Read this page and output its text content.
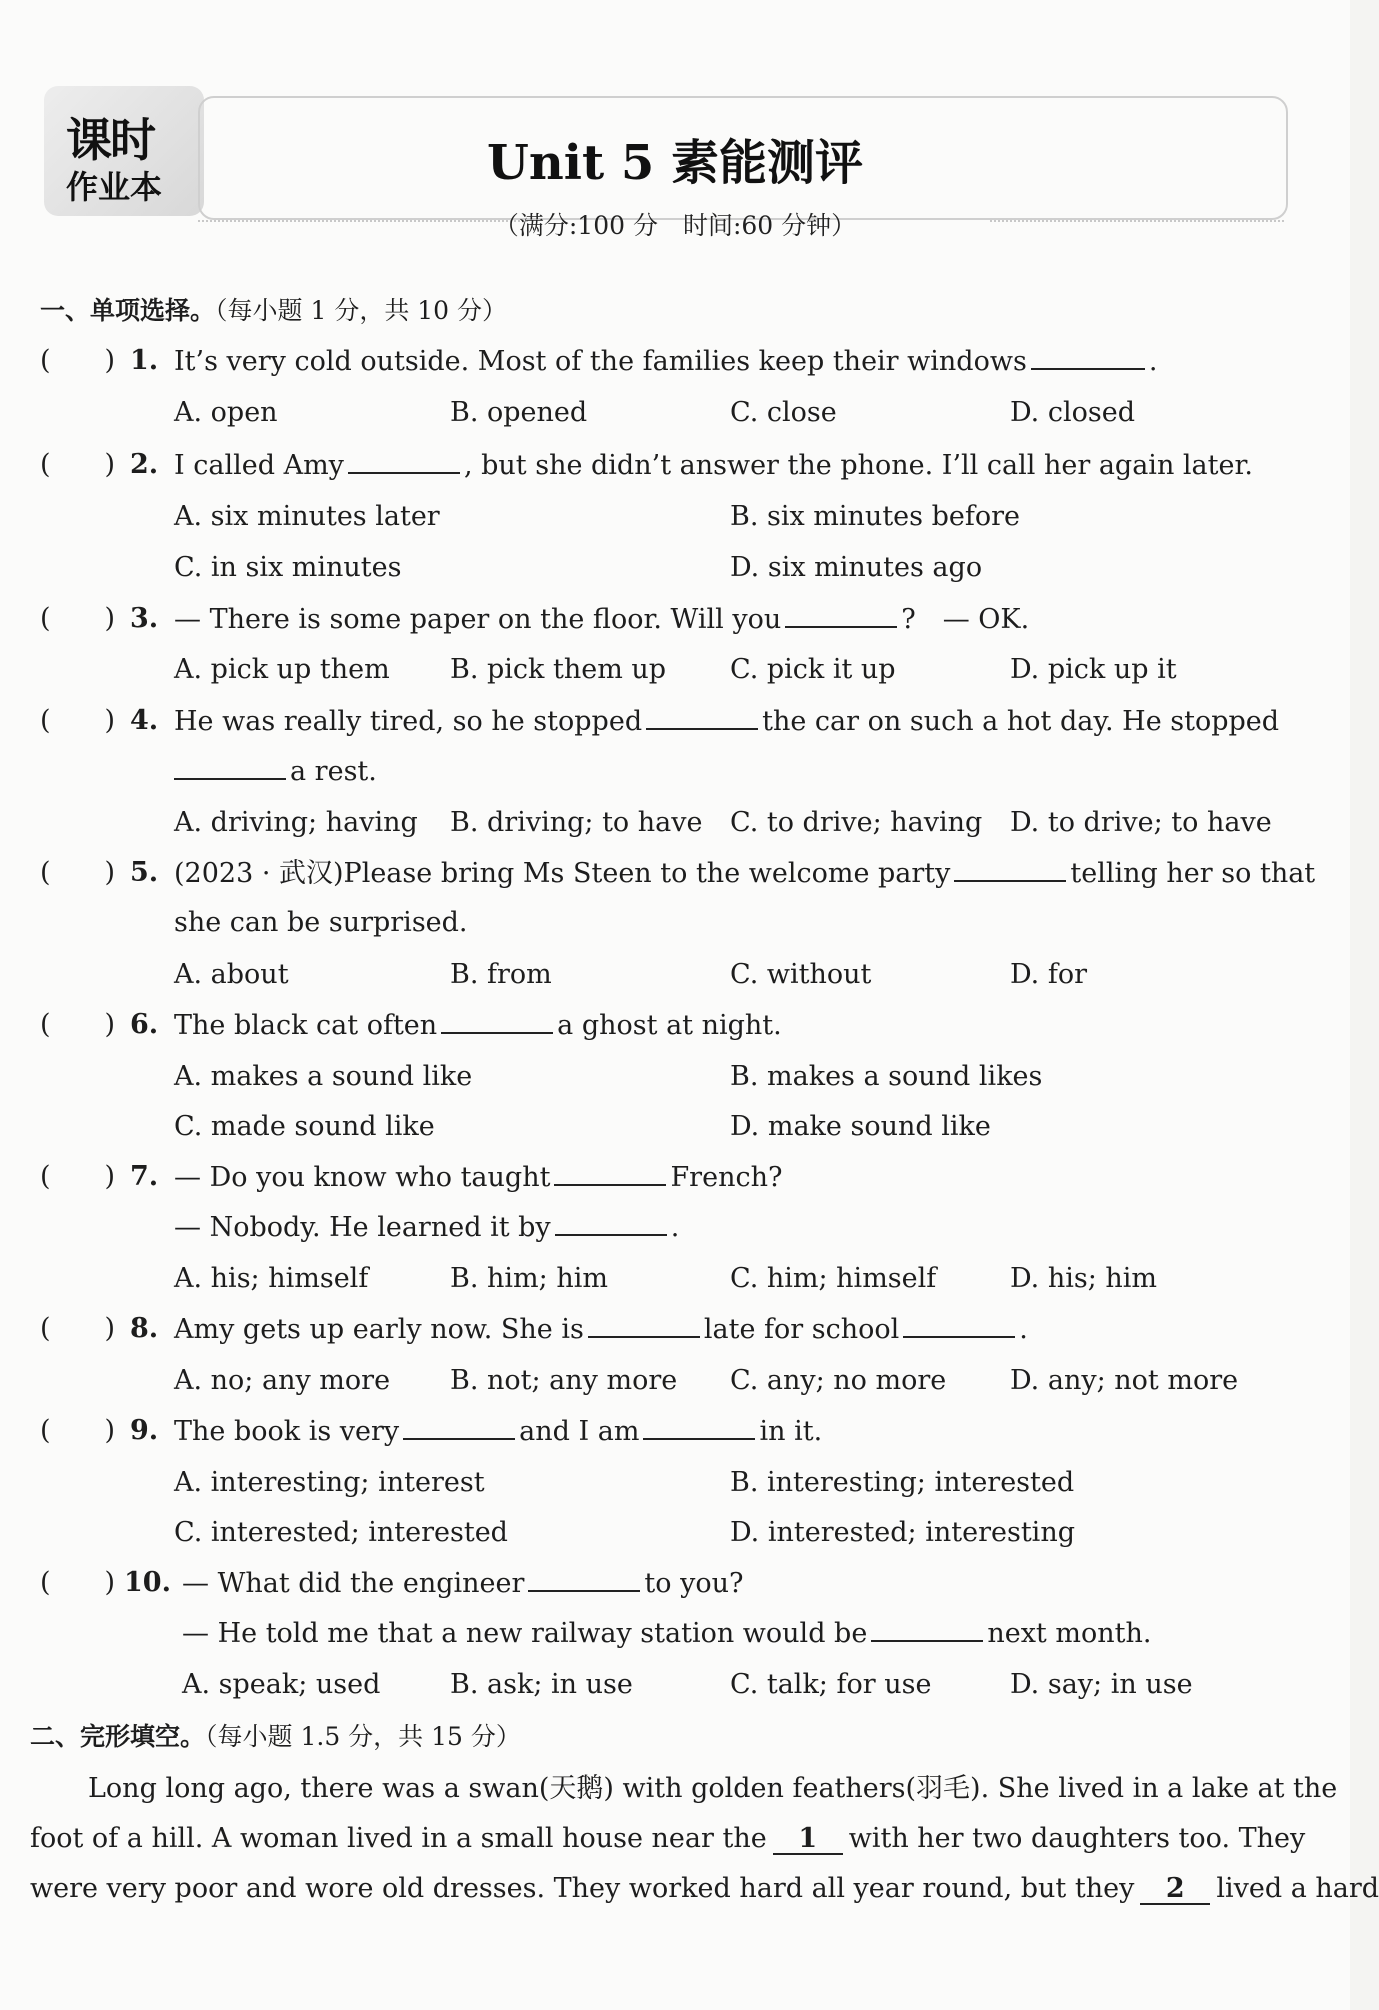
课时
作业本	Unit 5 素能测评
（满分:100 分　时间:60 分钟）
一、单项选择。（每小题 1 分，共 10 分）
(　　) 1. It’s very cold outside. Most of the families keep their windows	.
A. open	B. opened	C. close	D. closed
(　　) 2. I called Amy	, but she didn’t answer the phone. I’ll call her again later.
A. six minutes later	B. six minutes before
C. in six minutes	D. six minutes ago
(　　) 3. — There is some paper on the floor. Will you	?　— OK.
A. pick up them B. pick them up C. pick it up	D. pick up it
(　　) 4. He was really tired, so he stopped	the car on such a hot day. He stopped
a rest.
A. driving; having B. driving; to have C. to drive; having D. to drive; to have
(　　) 5. (2023 · 武汉)Please bring Ms Steen to the welcome party	telling her so that
she can be surprised.
A. about	B. from	C. without	D. for
(　　) 6. The black cat often	a ghost at night.
A. makes a sound like	B. makes a sound likes
C. made sound like	D. make sound like
(　　) 7. — Do you know who taught	French?
— Nobody. He learned it by	.
A. his; himself	B. him; him	C. him; himself	D. his; him
(　　) 8. Amy gets up early now. She is	late for school	.
A. no; any more B. not; any more C. any; no more D. any; not more
(　　) 9. The book is very	and I am	in it.
A. interesting; interest	B. interesting; interested
C. interested; interested	D. interested; interesting
(　　) 10. — What did the engineer	to you?
— He told me that a new railway station would be	next month.
A. speak; used	B. ask; in use	C. talk; for use	D. say; in use
二、完形填空。（每小题 1.5 分，共 15 分）
Long long ago, there was a swan(天鹅) with golden feathers(羽毛). She lived in a lake at the
foot of a hill. A woman lived in a small house near the 1 with her two daughters too. They
were very poor and wore old dresses. They worked hard all year round, but they 2 lived a hard
